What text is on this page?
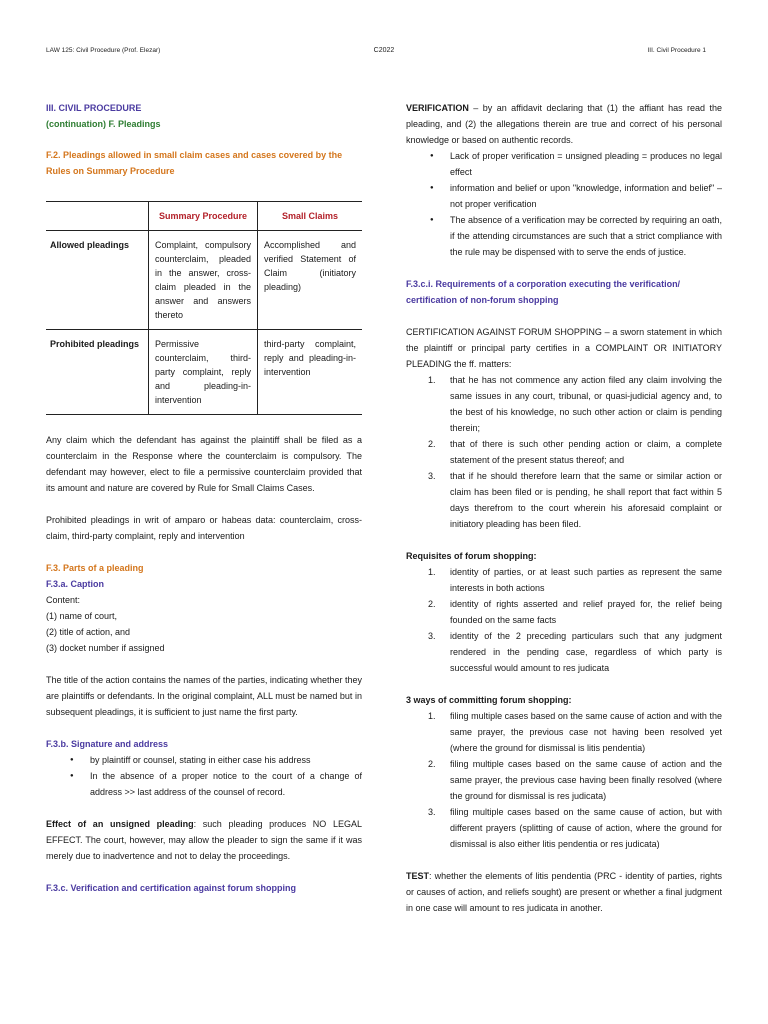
LAW 125: Civil Procedure (Prof. Elezar)	C2022	III. Civil Procedure 1

III. CIVIL PROCEDURE

(continuation) F. Pleadings

F.2. Pleadings allowed in small claim cases and cases covered by the Rules on Summary Procedure

	Summary Procedure	Small Claims
Allowed pleadings	Complaint, compulsory counterclaim, pleaded in the answer, cross-claim pleaded in the answer and answers thereto	Accomplished and verified Statement of Claim (initiatory pleading)
Prohibited pleadings	Permissive counterclaim, third-party complaint, reply and pleading-in-intervention	third-party complaint, reply and pleading-in-intervention

Any claim which the defendant has against the plaintiff shall be filed as a counterclaim in the Response where the counterclaim is compulsory. The defendant may however, elect to file a permissive counterclaim provided that its amount and nature are covered by Rule for Small Claims Cases.

Prohibited pleadings in writ of amparo or habeas data: counterclaim, cross-claim, third-party complaint, reply and intervention

F.3. Parts of a pleading

F.3.a. Caption

Content:

(1) name of court,

(2) title of action, and

(3) docket number if assigned

The title of the action contains the names of the parties, indicating whether they are plaintiffs or defendants. In the original complaint, ALL must be named but in subsequent pleadings, it is sufficient to just name the first party.

F.3.b. Signature and address

● by plaintiff or counsel, stating in either case his address
● In the absence of a proper notice to the court of a change of address >> last address of the counsel of record.

Effect of an unsigned pleading: such pleading produces NO LEGAL EFFECT. The court, however, may allow the pleader to sign the same if it was merely due to inadvertence and not to delay the proceedings.

F.3.c. Verification and certification against forum shopping

VERIFICATION – by an affidavit declaring that (1) the affiant has read the pleading, and (2) the allegations therein are true and correct of his personal knowledge or based on authentic records.

● Lack of proper verification = unsigned pleading = produces no legal effect
● information and belief or upon "knowledge, information and belief" – not proper verification
● The absence of a verification may be corrected by requiring an oath, if the attending circumstances are such that a strict compliance with the rule may be dispensed with to serve the ends of justice.

F.3.c.i. Requirements of a corporation executing the verification/ certification of non-forum shopping

CERTIFICATION AGAINST FORUM SHOPPING – a sworn statement in which the plaintiff or principal party certifies in a COMPLAINT OR INITIATORY PLEADING the ff. matters:

1. that he has not commence any action filed any claim involving the same issues in any court, tribunal, or quasi-judicial agency and, to the best of his knowledge, no such other action or claim is pending therein;
2. that of there is such other pending action or claim, a complete statement of the present status thereof; and
3. that if he should therefore learn that the same or similar action or claim has been filed or is pending, he shall report that fact within 5 days therefrom to the court wherein his aforesaid complaint or initiatory pleading has been filed.

Requisites of forum shopping:

1. identity of parties, or at least such parties as represent the same interests in both actions
2. identity of rights asserted and relief prayed for, the relief being founded on the same facts
3. identity of the 2 preceding particulars such that any judgment rendered in the pending case, regardless of which party is successful would amount to res judicata

3 ways of committing forum shopping:

1. filing multiple cases based on the same cause of action and with the same prayer, the previous case not having been resolved yet (where the ground for dismissal is litis pendentia)
2. filing multiple cases based on the same cause of action and the same prayer, the previous case having been finally resolved (where the ground for dismissal is res judicata)
3. filing multiple cases based on the same cause of action, but with different prayers (splitting of cause of action, where the ground for dismissal is also either litis pendentia or res judicata)

TEST: whether the elements of litis pendentia (PRC - identity of parties, rights or causes of action, and reliefs sought) are present or whether a final judgment in one case will amount to res judicata in another.
